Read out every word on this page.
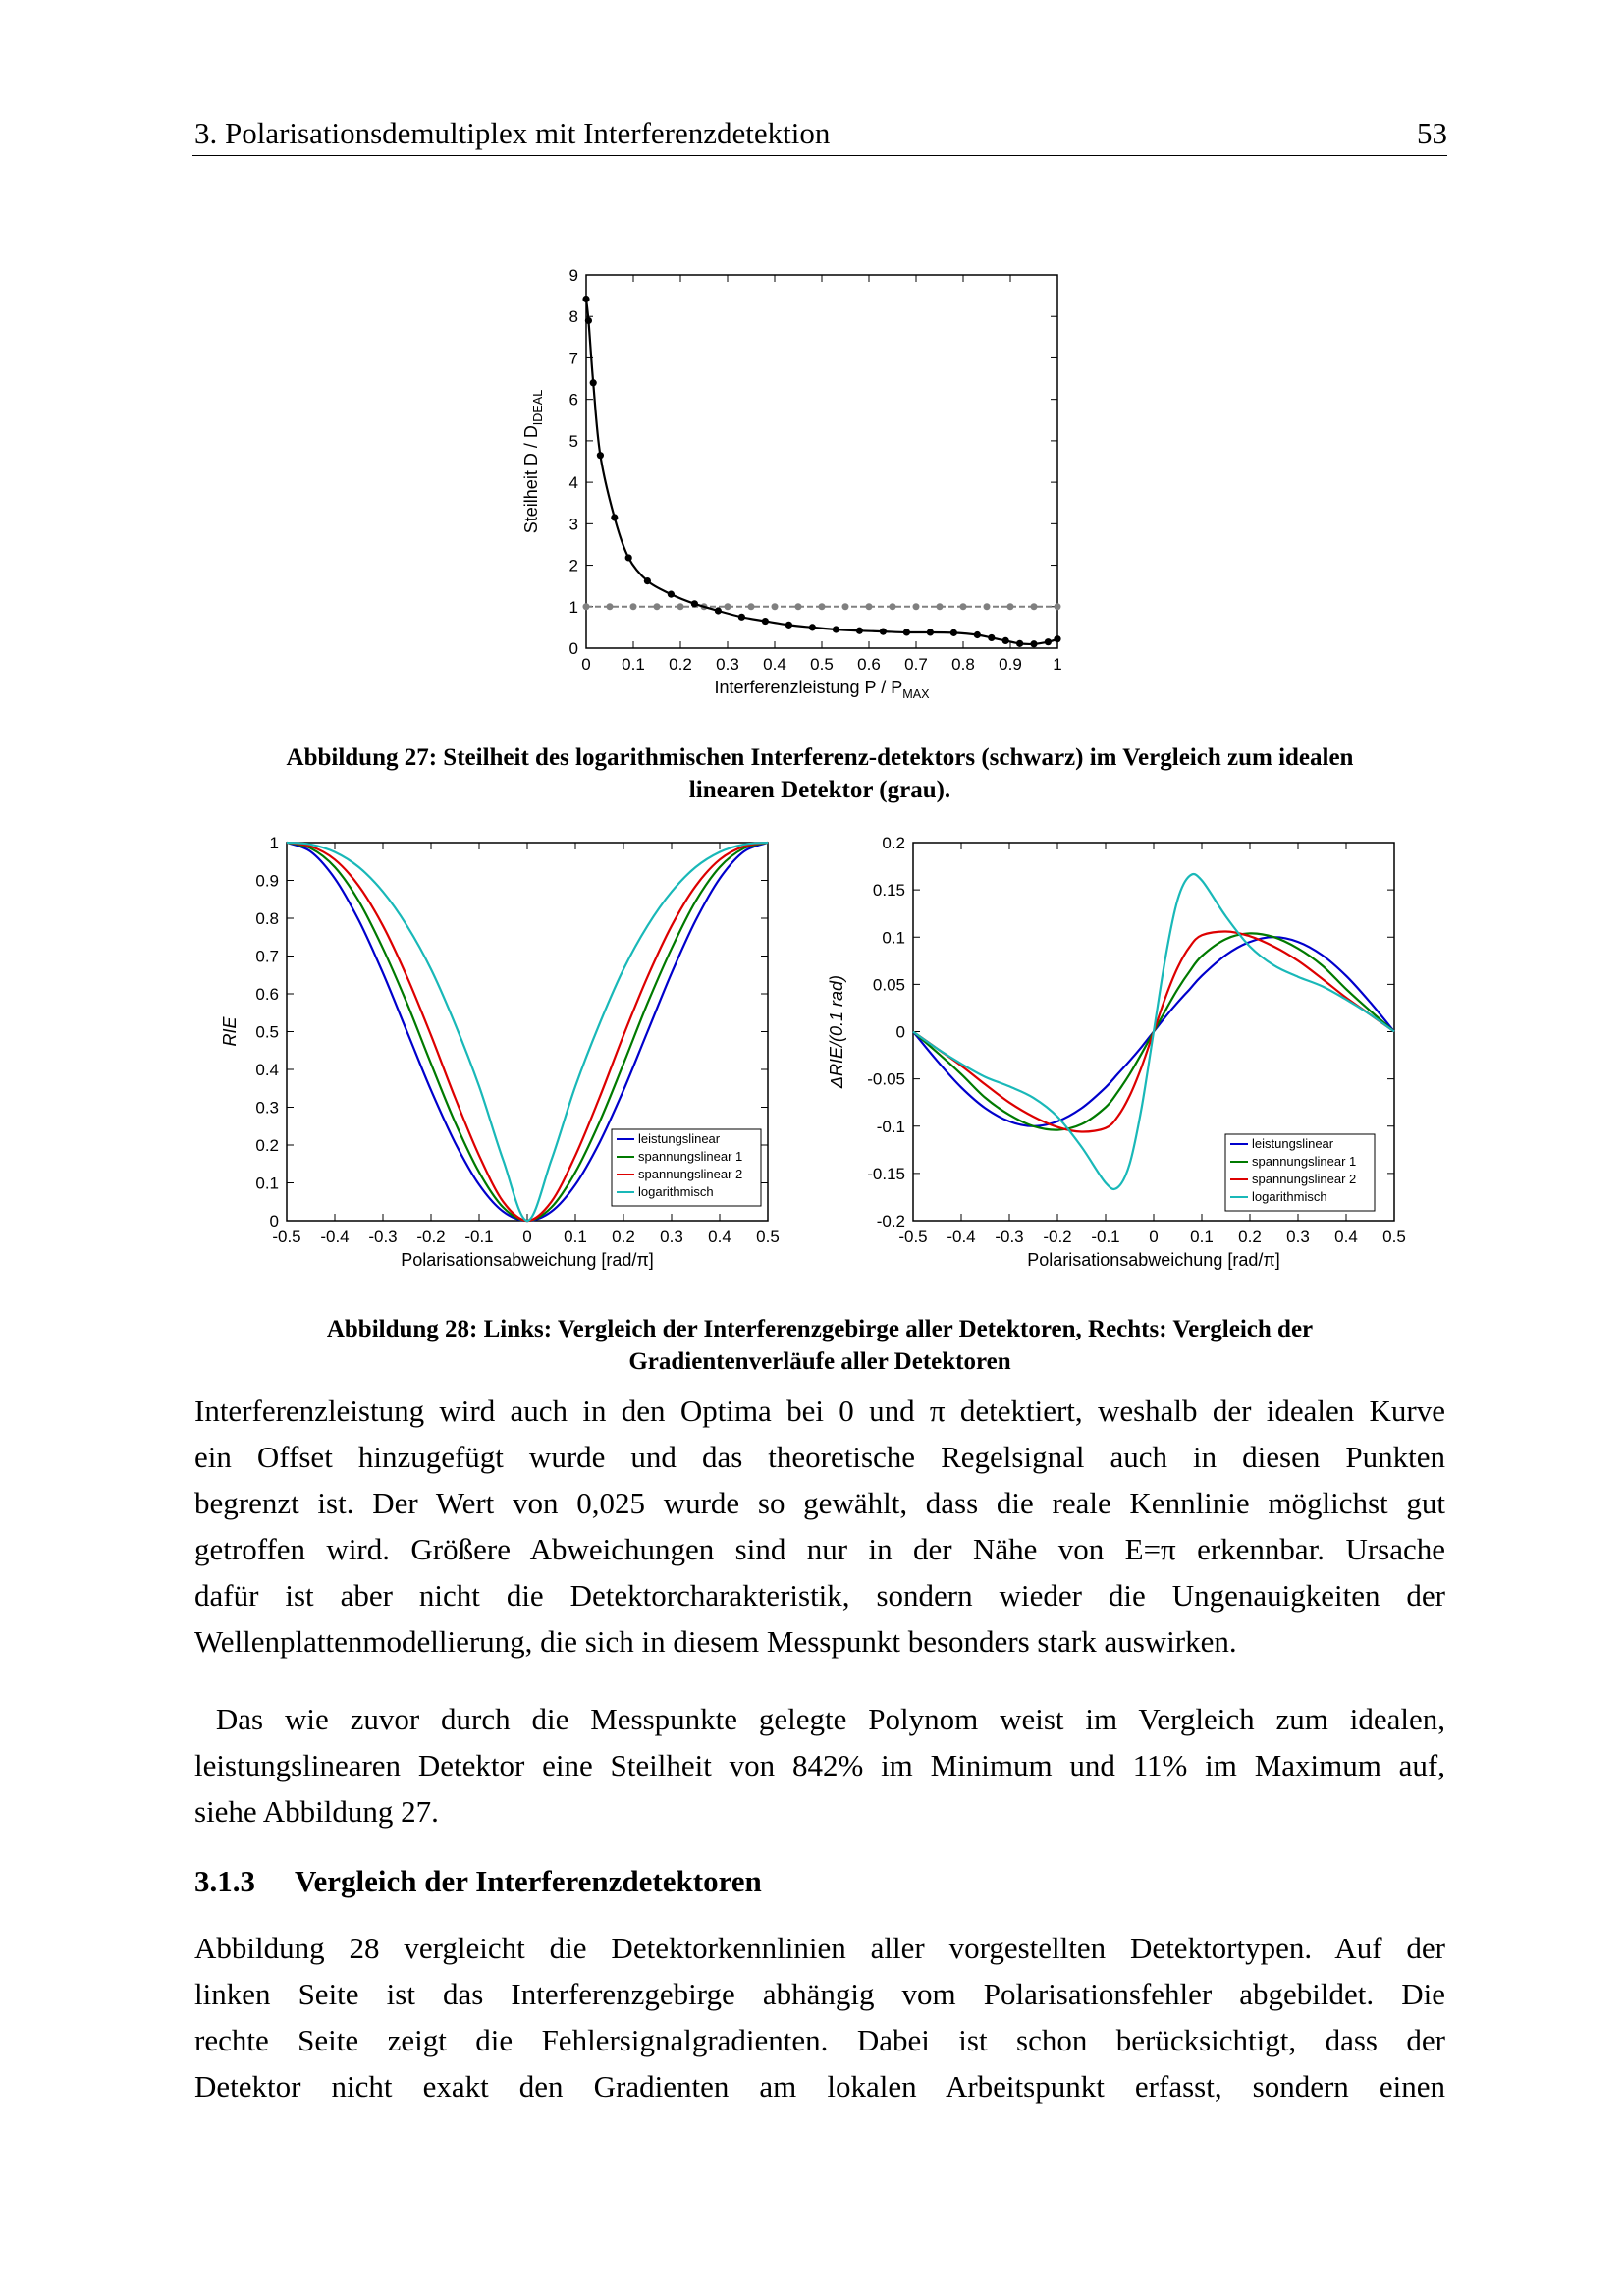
3. Polarisationsdemultiplex mit Interferenzdetektion	53
0 0.1 0.2 0.3 0.4 0.5 0.6 0.7 0.8 0.9 1
0
1
2
3
4
5
6
7
8
9
Interferenzleistung P / $P_{MAX}$
Steilheit D / $D_{IDEAL}$
Abbildung 27: Steilheit des logarithmischen Interferenz-detektors (schwarz) im Vergleich zum idealen
linearen Detektor (grau).
-0.5 -0.4 -0.3 -0.2 -0.1 0 0.1 0.2 0.3 0.4 0.5
0
0.1
0.2
0.3
0.4
0.5
0.6
0.7
0.8
0.9
1
Polarisationsabweichung [rad/π]
RIE
leistungslinear
spannungslinear 1
spannungslinear 2
logarithmisch
-0.5 -0.4 -0.3 -0.2 -0.1 0 0.1 0.2 0.3 0.4 0.5
-0.2
-0.15
-0.1
-0.05
0
0.05
0.1
0.15
0.2
Polarisationsabweichung [rad/π]
ΔRIE/(0.1 rad)
leistungslinear
spannungslinear 1
spannungslinear 2
logarithmisch
Abbildung 28: Links: Vergleich der Interferenzgebirge aller Detektoren, Rechts: Vergleich der
Gradientenverläufe aller Detektoren
Interferenzleistung wird auch in den Optima bei 0 und π detektiert, weshalb der idealen Kurve
ein Offset hinzugefügt wurde und das theoretische Regelsignal auch in diesen Punkten
begrenzt ist. Der Wert von 0,025 wurde so gewählt, dass die reale Kennlinie möglichst gut
getroffen wird. Größere Abweichungen sind nur in der Nähe von E=π erkennbar. Ursache
dafür ist aber nicht die Detektorcharakteristik, sondern wieder die Ungenauigkeiten der
Wellenplattenmodellierung, die sich in diesem Messpunkt besonders stark auswirken.
Das wie zuvor durch die Messpunkte gelegte Polynom weist im Vergleich zum idealen,
leistungslinearen Detektor eine Steilheit von 842% im Minimum und 11% im Maximum auf,
siehe Abbildung 27.
3.1.3 Vergleich der Interferenzdetektoren
Abbildung 28 vergleicht die Detektorkennlinien aller vorgestellten Detektortypen. Auf der
linken Seite ist das Interferenzgebirge abhängig vom Polarisationsfehler abgebildet. Die
rechte Seite zeigt die Fehlersignalgradienten. Dabei ist schon berücksichtigt, dass der
Detektor nicht exakt den Gradienten am lokalen Arbeitspunkt erfasst, sondern einen
